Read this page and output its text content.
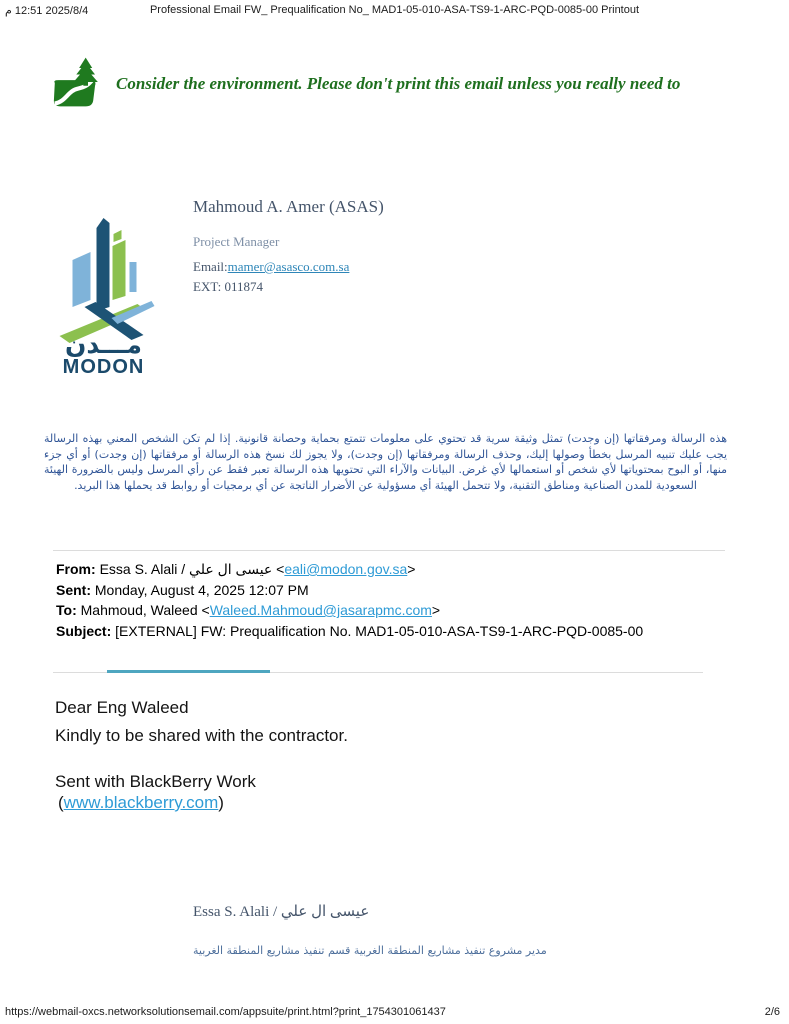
م 12:51 2025/8/4	Professional Email FW_ Prequalification No_ MAD1-05-010-ASA-TS9-1-ARC-PQD-0085-00 Printout
Consider the environment. Please don't print this email unless you really need to
مـــدن
MODON
Mahmoud A. Amer (ASAS)
Project Manager
Email:mamer@asasco.com.sa
EXT: 011874
هذه الرسالة ومرفقاتها (إن وجدت) تمثل وثيقة سرية قد تحتوي على معلومات تتمتع بحماية وحصانة قانونية. إذا لم تكن الشخص المعني بهذه الرسالة يجب عليك تنبيه المرسل بخطأ وصولها إليك، وحذف الرسالة ومرفقاتها (إن وجدت)، ولا يجوز لك نسخ هذه الرسالة أو مرفقاتها (إن وجدت) أو أي جزء منها، أو البوح بمحتوياتها لأي شخص أو استعمالها لأي غرض. البيانات والآراء التي تحتويها هذه الرسالة تعبر فقط عن رأي المرسل وليس بالضرورة الهيئة السعودية للمدن الصناعية ومناطق التقنية، ولا تتحمل الهيئة أي مسؤولية عن الأضرار الناتجة عن أي برمجيات أو روابط قد يحملها هذا البريد.
From: Essa S. Alali / عيسى ال علي <eali@modon.gov.sa>
Sent: Monday, August 4, 2025 12:07 PM
To: Mahmoud, Waleed <Waleed.Mahmoud@jasarapmc.com>
Subject: [EXTERNAL] FW: Prequalification No. MAD1-05-010-ASA-TS9-1-ARC-PQD-0085-00
Dear Eng Waleed
Kindly to be shared with the contractor.
Sent with BlackBerry Work
(www.blackberry.com)
Essa S. Alali / عيسى ال علي
مدير مشروع تنفيذ مشاريع المنطقة الغربية قسم تنفيذ مشاريع المنطقة الغربية
https://webmail-oxcs.networksolutionsemail.com/appsuite/print.html?print_1754301061437	2/6
